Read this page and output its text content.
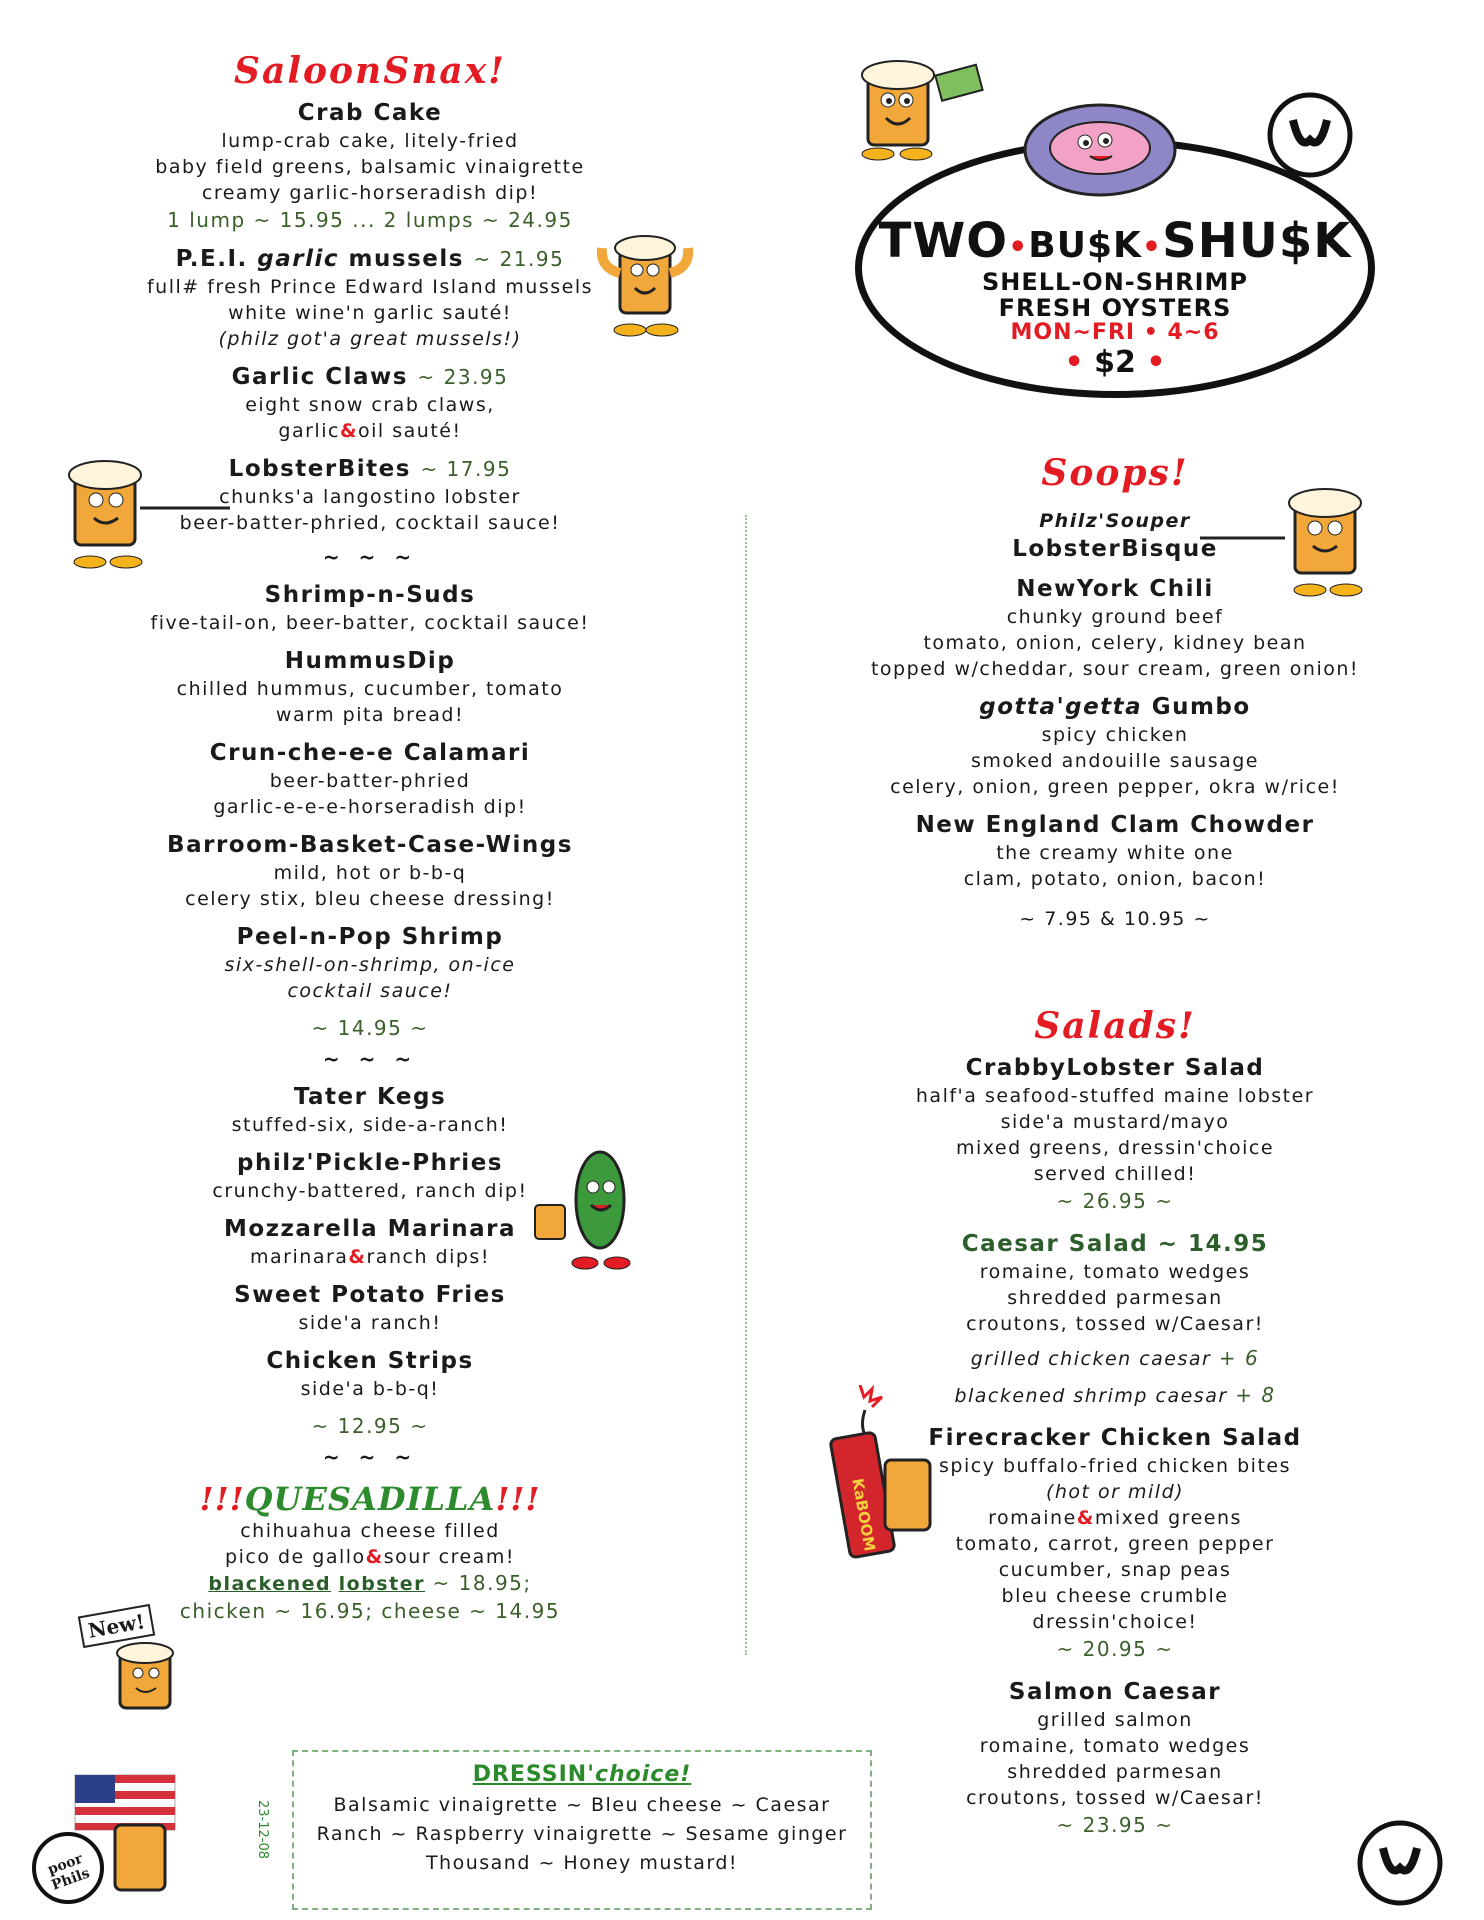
SaloonSnax!
Crab Cake
lump-crab cake, litely-fried
baby field greens, balsamic vinaigrette
creamy garlic-horseradish dip!
1 lump ~ 15.95 ... 2 lumps ~ 24.95
P.E.I. garlic mussels ~ 21.95
full# fresh Prince Edward Island mussels
white wine'n garlic sauté!
(philz got'a great mussels!)
Garlic Claws ~ 23.95
eight snow crab claws,
garlic&oil sauté!
LobsterBites ~ 17.95
chunks'a langostino lobster
beer-batter-phried, cocktail sauce!
~ ~ ~
Shrimp-n-Suds
five-tail-on, beer-batter, cocktail sauce!
HummusDip
chilled hummus, cucumber, tomato
warm pita bread!
Crun-che-e-e Calamari
beer-batter-phried
garlic-e-e-e-horseradish dip!
Barroom-Basket-Case-Wings
mild, hot or b-b-q
celery stix, bleu cheese dressing!
Peel-n-Pop Shrimp
six-shell-on-shrimp, on-ice
cocktail sauce!
~ 14.95 ~
~ ~ ~
Tater Kegs
stuffed-six, side-a-ranch!
philz'Pickle-Phries
crunchy-battered, ranch dip!
Mozzarella Marinara
marinara&ranch dips!
Sweet Potato Fries
side'a ranch!
Chicken Strips
side'a b-b-q!
~ 12.95 ~
~ ~ ~
!!!QUESADILLA!!!
chihuahua cheese filled
pico de gallo&sour cream!
blackened lobster ~ 18.95;
chicken ~ 16.95; cheese ~ 14.95
TWO•BU$K•SHU$K
SHELL-ON-SHRIMP
FRESH OYSTERS
MON~FRI • 4~6
• $2 •
New!
poor Phils
Soops!
Philz'Souper
LobsterBisque
NewYork Chili
chunky ground beef
tomato, onion, celery, kidney bean
topped w/cheddar, sour cream, green onion!
gotta'getta Gumbo
spicy chicken
smoked andouille sausage
celery, onion, green pepper, okra w/rice!
New England Clam Chowder
the creamy white one
clam, potato, onion, bacon!
~ 7.95 & 10.95 ~
Salads!
CrabbyLobster Salad
half'a seafood-stuffed maine lobster
side'a mustard/mayo
mixed greens, dressin'choice
served chilled!
~ 26.95 ~
Caesar Salad ~ 14.95
romaine, tomato wedges
shredded parmesan
croutons, tossed w/Caesar!
grilled chicken caesar + 6
blackened shrimp caesar + 8
Firecracker Chicken Salad
spicy buffalo-fried chicken bites
(hot or mild)
romaine&mixed greens
tomato, carrot, green pepper
cucumber, snap peas
bleu cheese crumble
dressin'choice!
~ 20.95 ~
Salmon Caesar
grilled salmon
romaine, tomato wedges
shredded parmesan
croutons, tossed w/Caesar!
~ 23.95 ~
KaBOOM
DRESSIN'choice!
Balsamic vinaigrette ~ Bleu cheese ~ Caesar
Ranch ~ Raspberry vinaigrette ~ Sesame ginger
Thousand ~ Honey mustard!
23-12-08
